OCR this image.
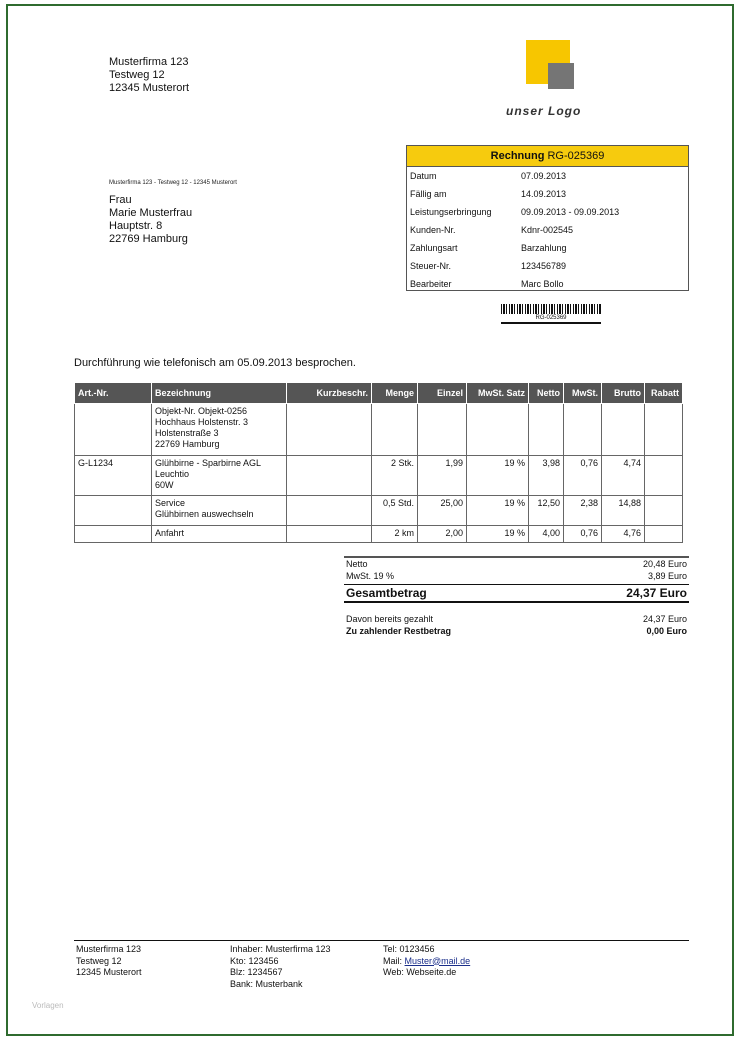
Musterfirma 123
Testweg 12
12345 Musterort
unser Logo
Musterfirma 123 - Testweg 12 - 12345 Musterort
Frau
Marie Musterfrau
Hauptstr. 8
22769 Hamburg
Rechnung RG-025369
Datum	07.09.2013
Fällig am	14.09.2013
Leistungserbringung	09.09.2013 - 09.09.2013
Kunden-Nr.	Kdnr-002545
Zahlungsart	Barzahlung
Steuer-Nr.	123456789
Bearbeiter	Marc Bollo
RG-025369
Durchführung wie telefonisch am 05.09.2013 besprochen.
Art.-Nr.	Bezeichnung	Kurzbeschr.	Menge	Einzel	MwSt. Satz	Netto	MwSt.	Brutto	Rabatt

	Objekt-Nr. Objekt-0256
Hochhaus Holstenstr. 3
Holstenstraße 3
22769 Hamburg								

G-L1234	Glühbirne - Sparbirne AGL
Leuchtio
60W		2 Stk.	1,99	19 %	3,98	0,76	4,74	

	Service
Glühbirnen auswechseln		0,5 Std.	25,00	19 %	12,50	2,38	14,88	

	Anfahrt		2 km	2,00	19 %	4,00	0,76	4,76	
Netto	20,48 Euro
MwSt. 19 %	3,89 Euro
Gesamtbetrag	24,37 Euro
Davon bereits gezahlt	24,37 Euro
Zu zahlender Restbetrag	0,00 Euro
Musterfirma 123
Testweg 12
12345 Musterort
Inhaber: Musterfirma 123
Kto: 123456
Blz: 1234567
Bank: Musterbank
Tel: 0123456
Mail: Muster@mail.de
Web: Webseite.de
Vorlagen
